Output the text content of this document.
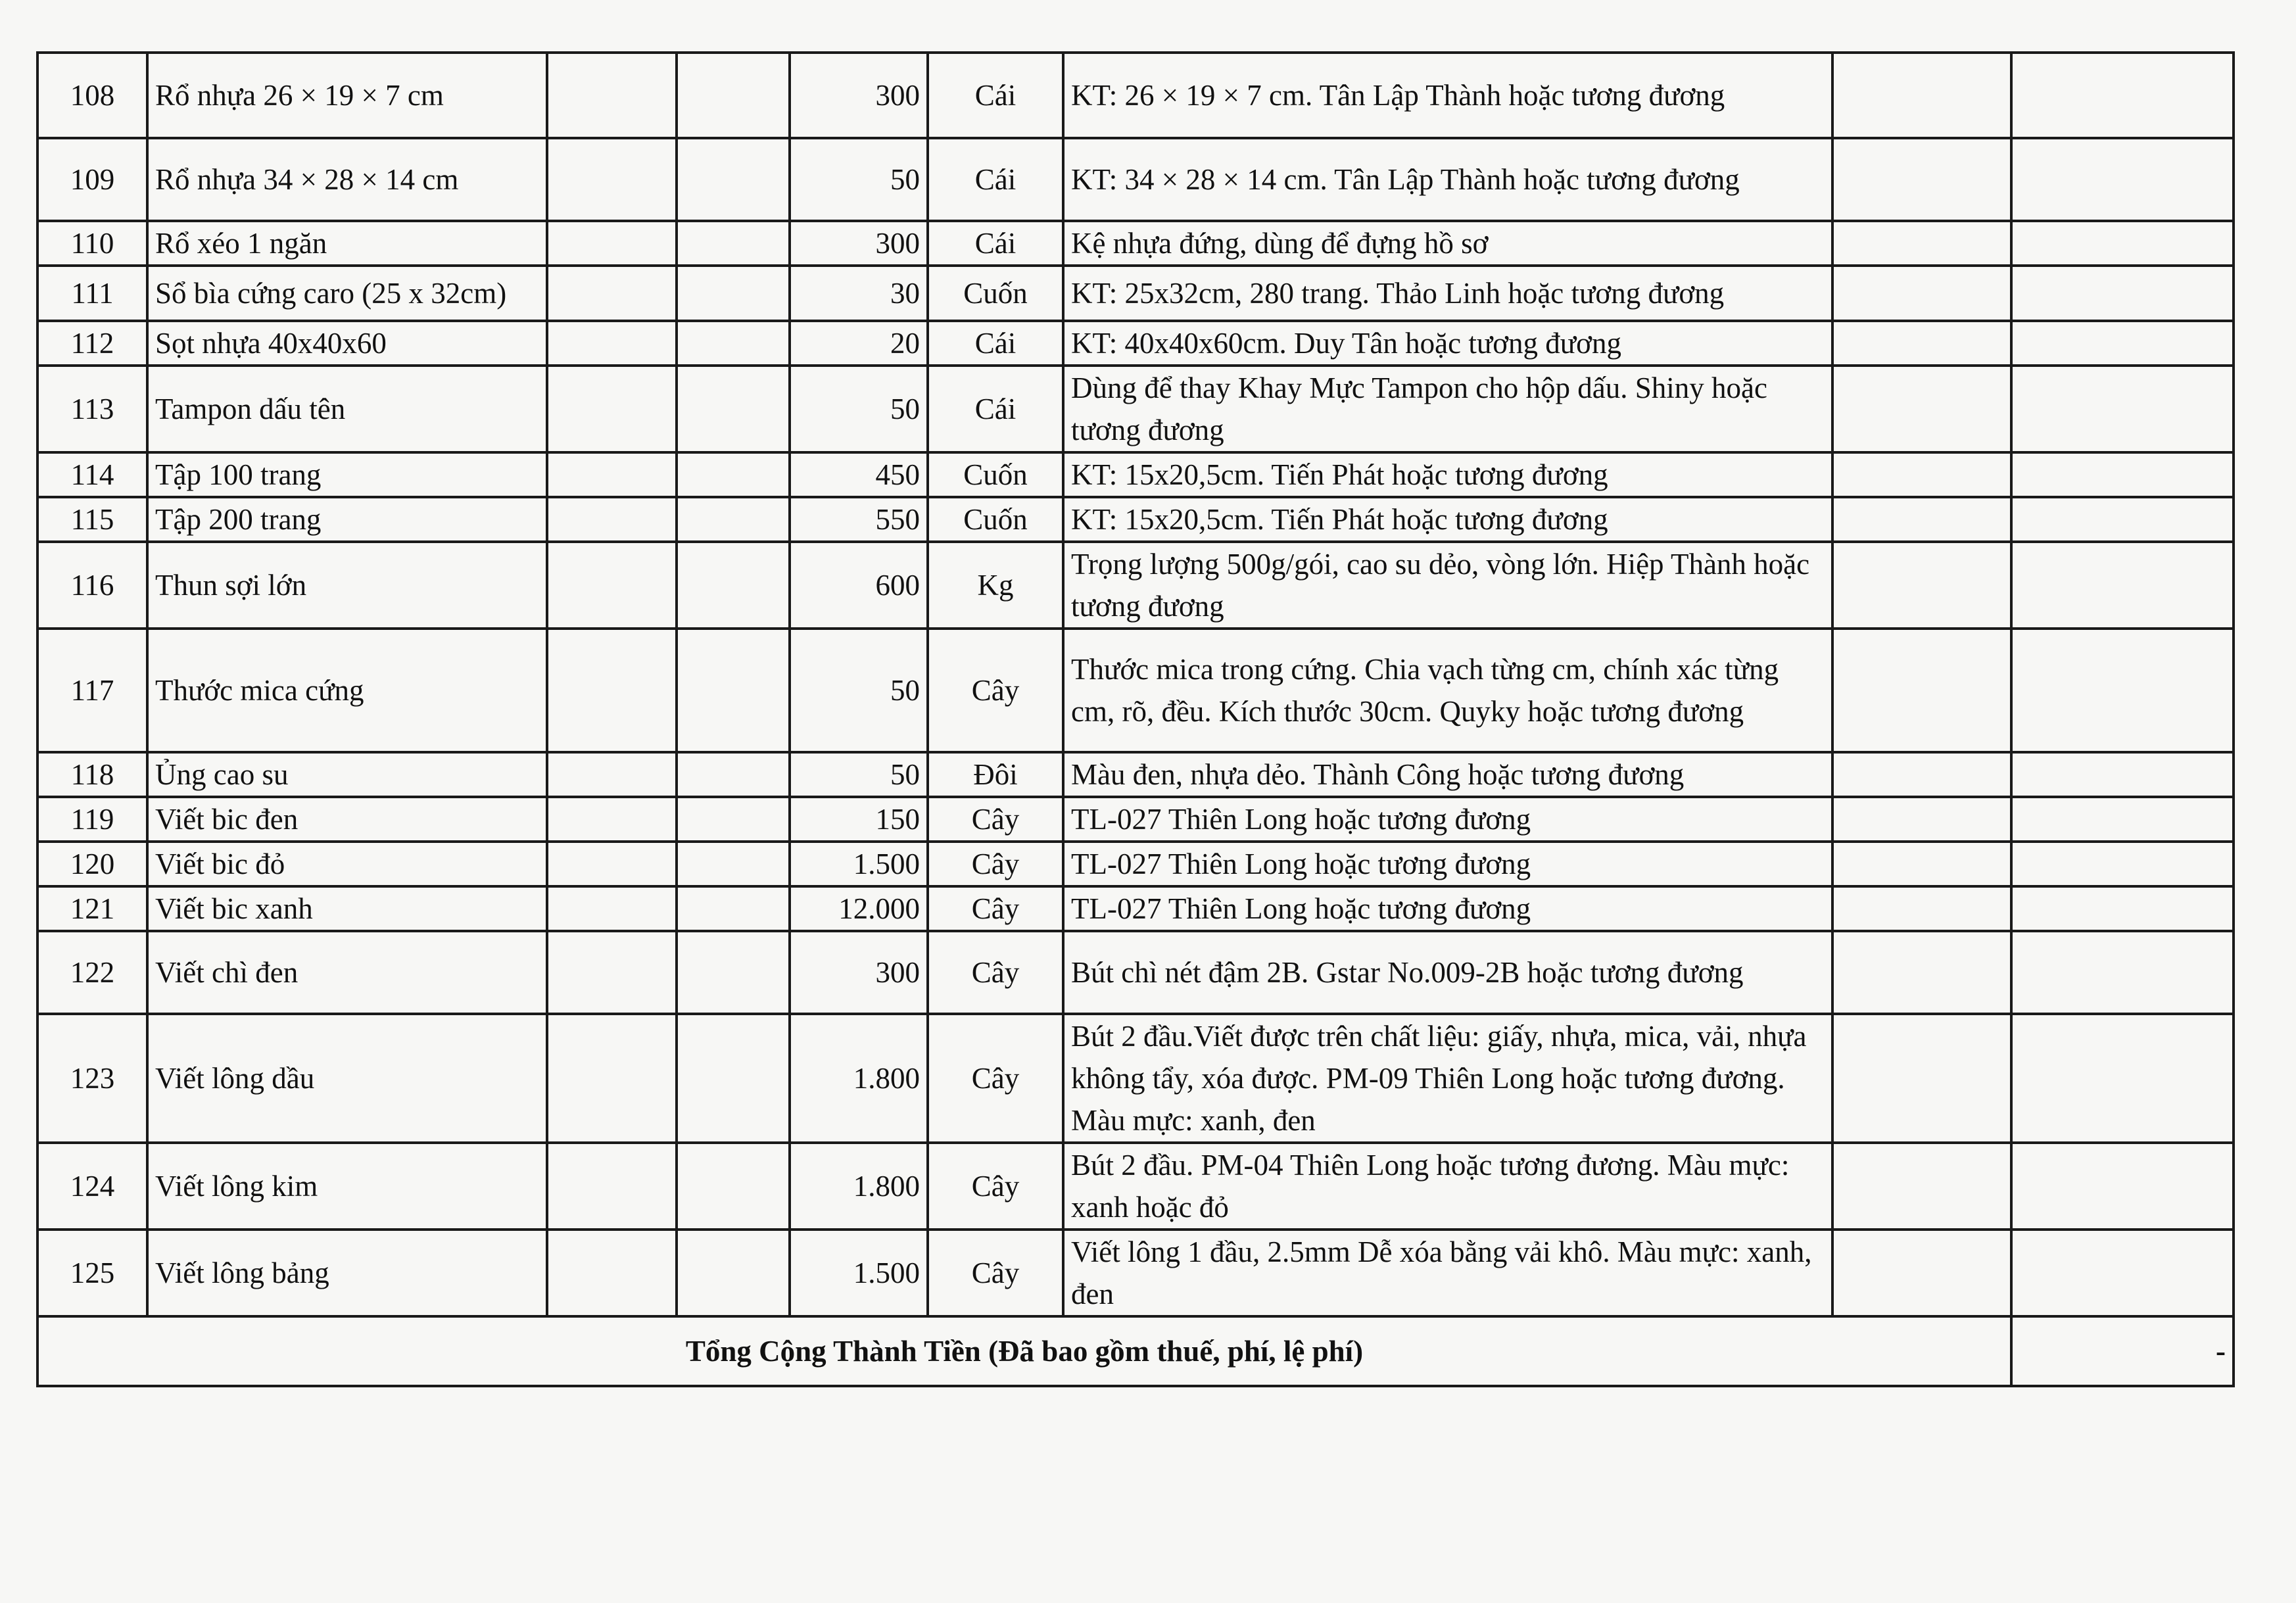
108	Rổ nhựa 26 × 19 × 7 cm			300	Cái	KT: 26 × 19 × 7 cm. Tân Lập Thành hoặc tương đương		
109	Rổ nhựa 34 × 28 × 14 cm			50	Cái	KT: 34 × 28 × 14 cm. Tân Lập Thành hoặc tương đương		
110	Rổ xéo 1 ngăn			300	Cái	Kệ nhựa đứng, dùng để đựng hồ sơ		
111	Sổ bìa cứng caro (25 x 32cm)			30	Cuốn	KT: 25x32cm, 280 trang. Thảo Linh hoặc tương đương		
112	Sọt nhựa 40x40x60			20	Cái	KT: 40x40x60cm. Duy Tân hoặc tương đương		
113	Tampon dấu tên			50	Cái	Dùng để thay Khay Mực Tampon cho hộp dấu. Shiny hoặc tương đương		
114	Tập 100 trang			450	Cuốn	KT: 15x20,5cm. Tiến Phát hoặc tương đương		
115	Tập 200 trang			550	Cuốn	KT: 15x20,5cm. Tiến Phát hoặc tương đương		
116	Thun sợi lớn			600	Kg	Trọng lượng 500g/gói, cao su dẻo, vòng lớn. Hiệp Thành hoặc tương đương		
117	Thước mica cứng			50	Cây	Thước mica trong cứng. Chia vạch từng cm, chính xác từng cm, rõ, đều. Kích thước 30cm. Quyky hoặc tương đương		
118	Ủng cao su			50	Đôi	Màu đen, nhựa dẻo. Thành Công hoặc tương đương		
119	Viết bic đen			150	Cây	TL-027 Thiên Long hoặc tương đương		
120	Viết bic đỏ			1.500	Cây	TL-027 Thiên Long hoặc tương đương		
121	Viết bic xanh			12.000	Cây	TL-027 Thiên Long hoặc tương đương		
122	Viết chì đen			300	Cây	Bút chì nét đậm 2B. Gstar No.009-2B hoặc tương đương		
123	Viết lông dầu			1.800	Cây	Bút 2 đầu.Viết được trên chất liệu: giấy, nhựa, mica, vải, nhựa không tẩy, xóa được. PM-09 Thiên Long hoặc tương đương. Màu mực: xanh, đen		
124	Viết lông kim			1.800	Cây	Bút 2 đầu. PM-04 Thiên Long hoặc tương đương. Màu mực: xanh hoặc đỏ		
125	Viết lông bảng			1.500	Cây	Viết lông 1 đầu, 2.5mm Dễ xóa bằng vải khô. Màu mực: xanh, đen		
Tổng Cộng Thành Tiền (Đã bao gồm thuế, phí, lệ phí)								-
